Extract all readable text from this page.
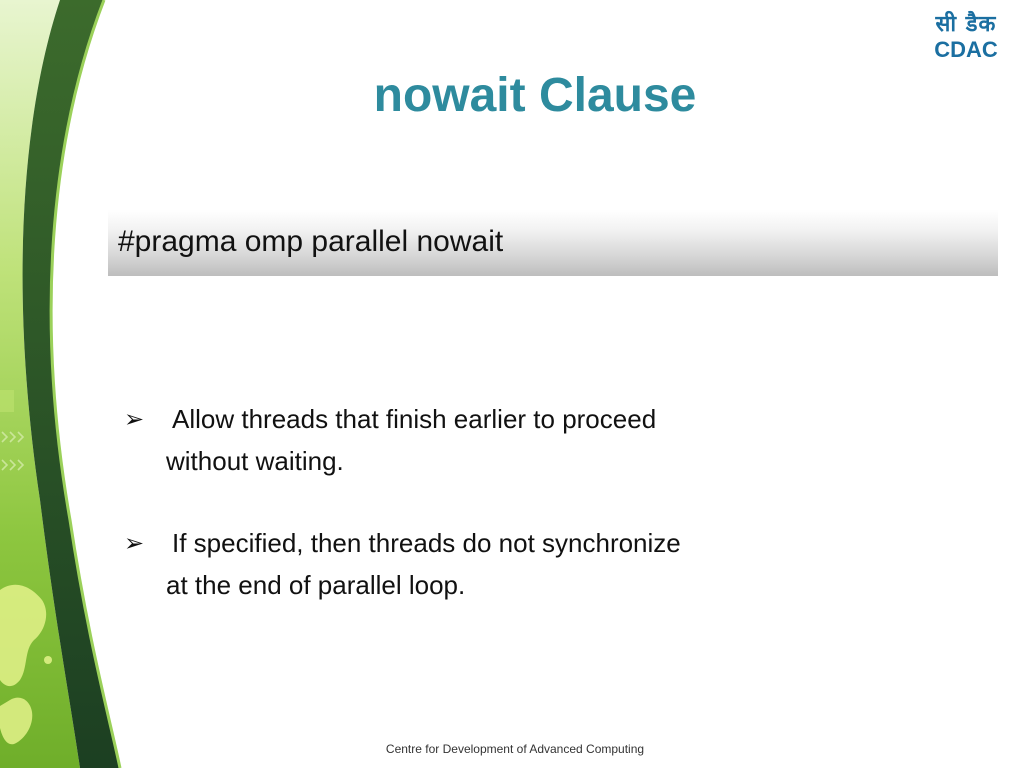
सी डैक
CDAC
nowait Clause
#pragma omp parallel nowait
➢	Allow threads that finish earlier to proceed
without waiting.
➢	If specified, then threads do not synchronize
at the end of parallel loop.
Centre for Development of Advanced Computing
